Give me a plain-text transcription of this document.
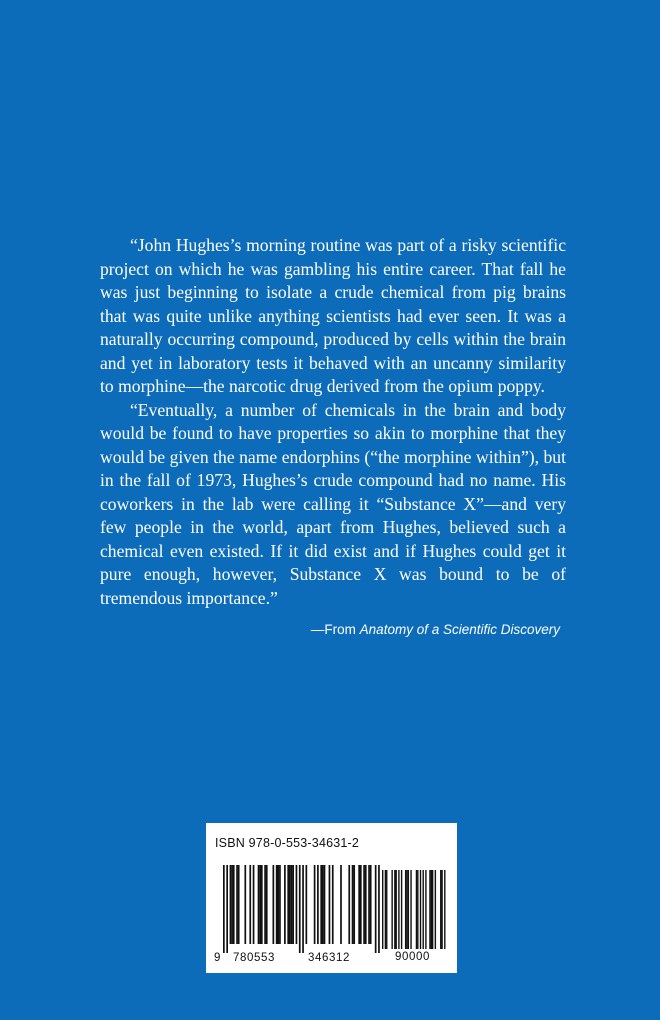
“John Hughes’s morning routine was part of a risky scientific project on which he was gambling his entire career. That fall he was just beginning to isolate a crude chemical from pig brains that was quite unlike anything scientists had ever seen. It was a naturally occurring compound, produced by cells within the brain and yet in laboratory tests it behaved with an uncanny similarity to morphine—the narcotic drug derived from the opium poppy.

“Eventually, a number of chemicals in the brain and body would be found to have properties so akin to morphine that they would be given the name endorphins (“the morphine within”), but in the fall of 1973, Hughes’s crude compound had no name. His coworkers in the lab were calling it “Substance X”—and very few people in the world, apart from Hughes, believed such a chemical even existed. If it did exist and if Hughes could get it pure enough, however, Substance X was bound to be of tremendous importance.”

—From Anatomy of a Scientific Discovery
ISBN 978-0-553-34631-2
9 780553	346312	90000
